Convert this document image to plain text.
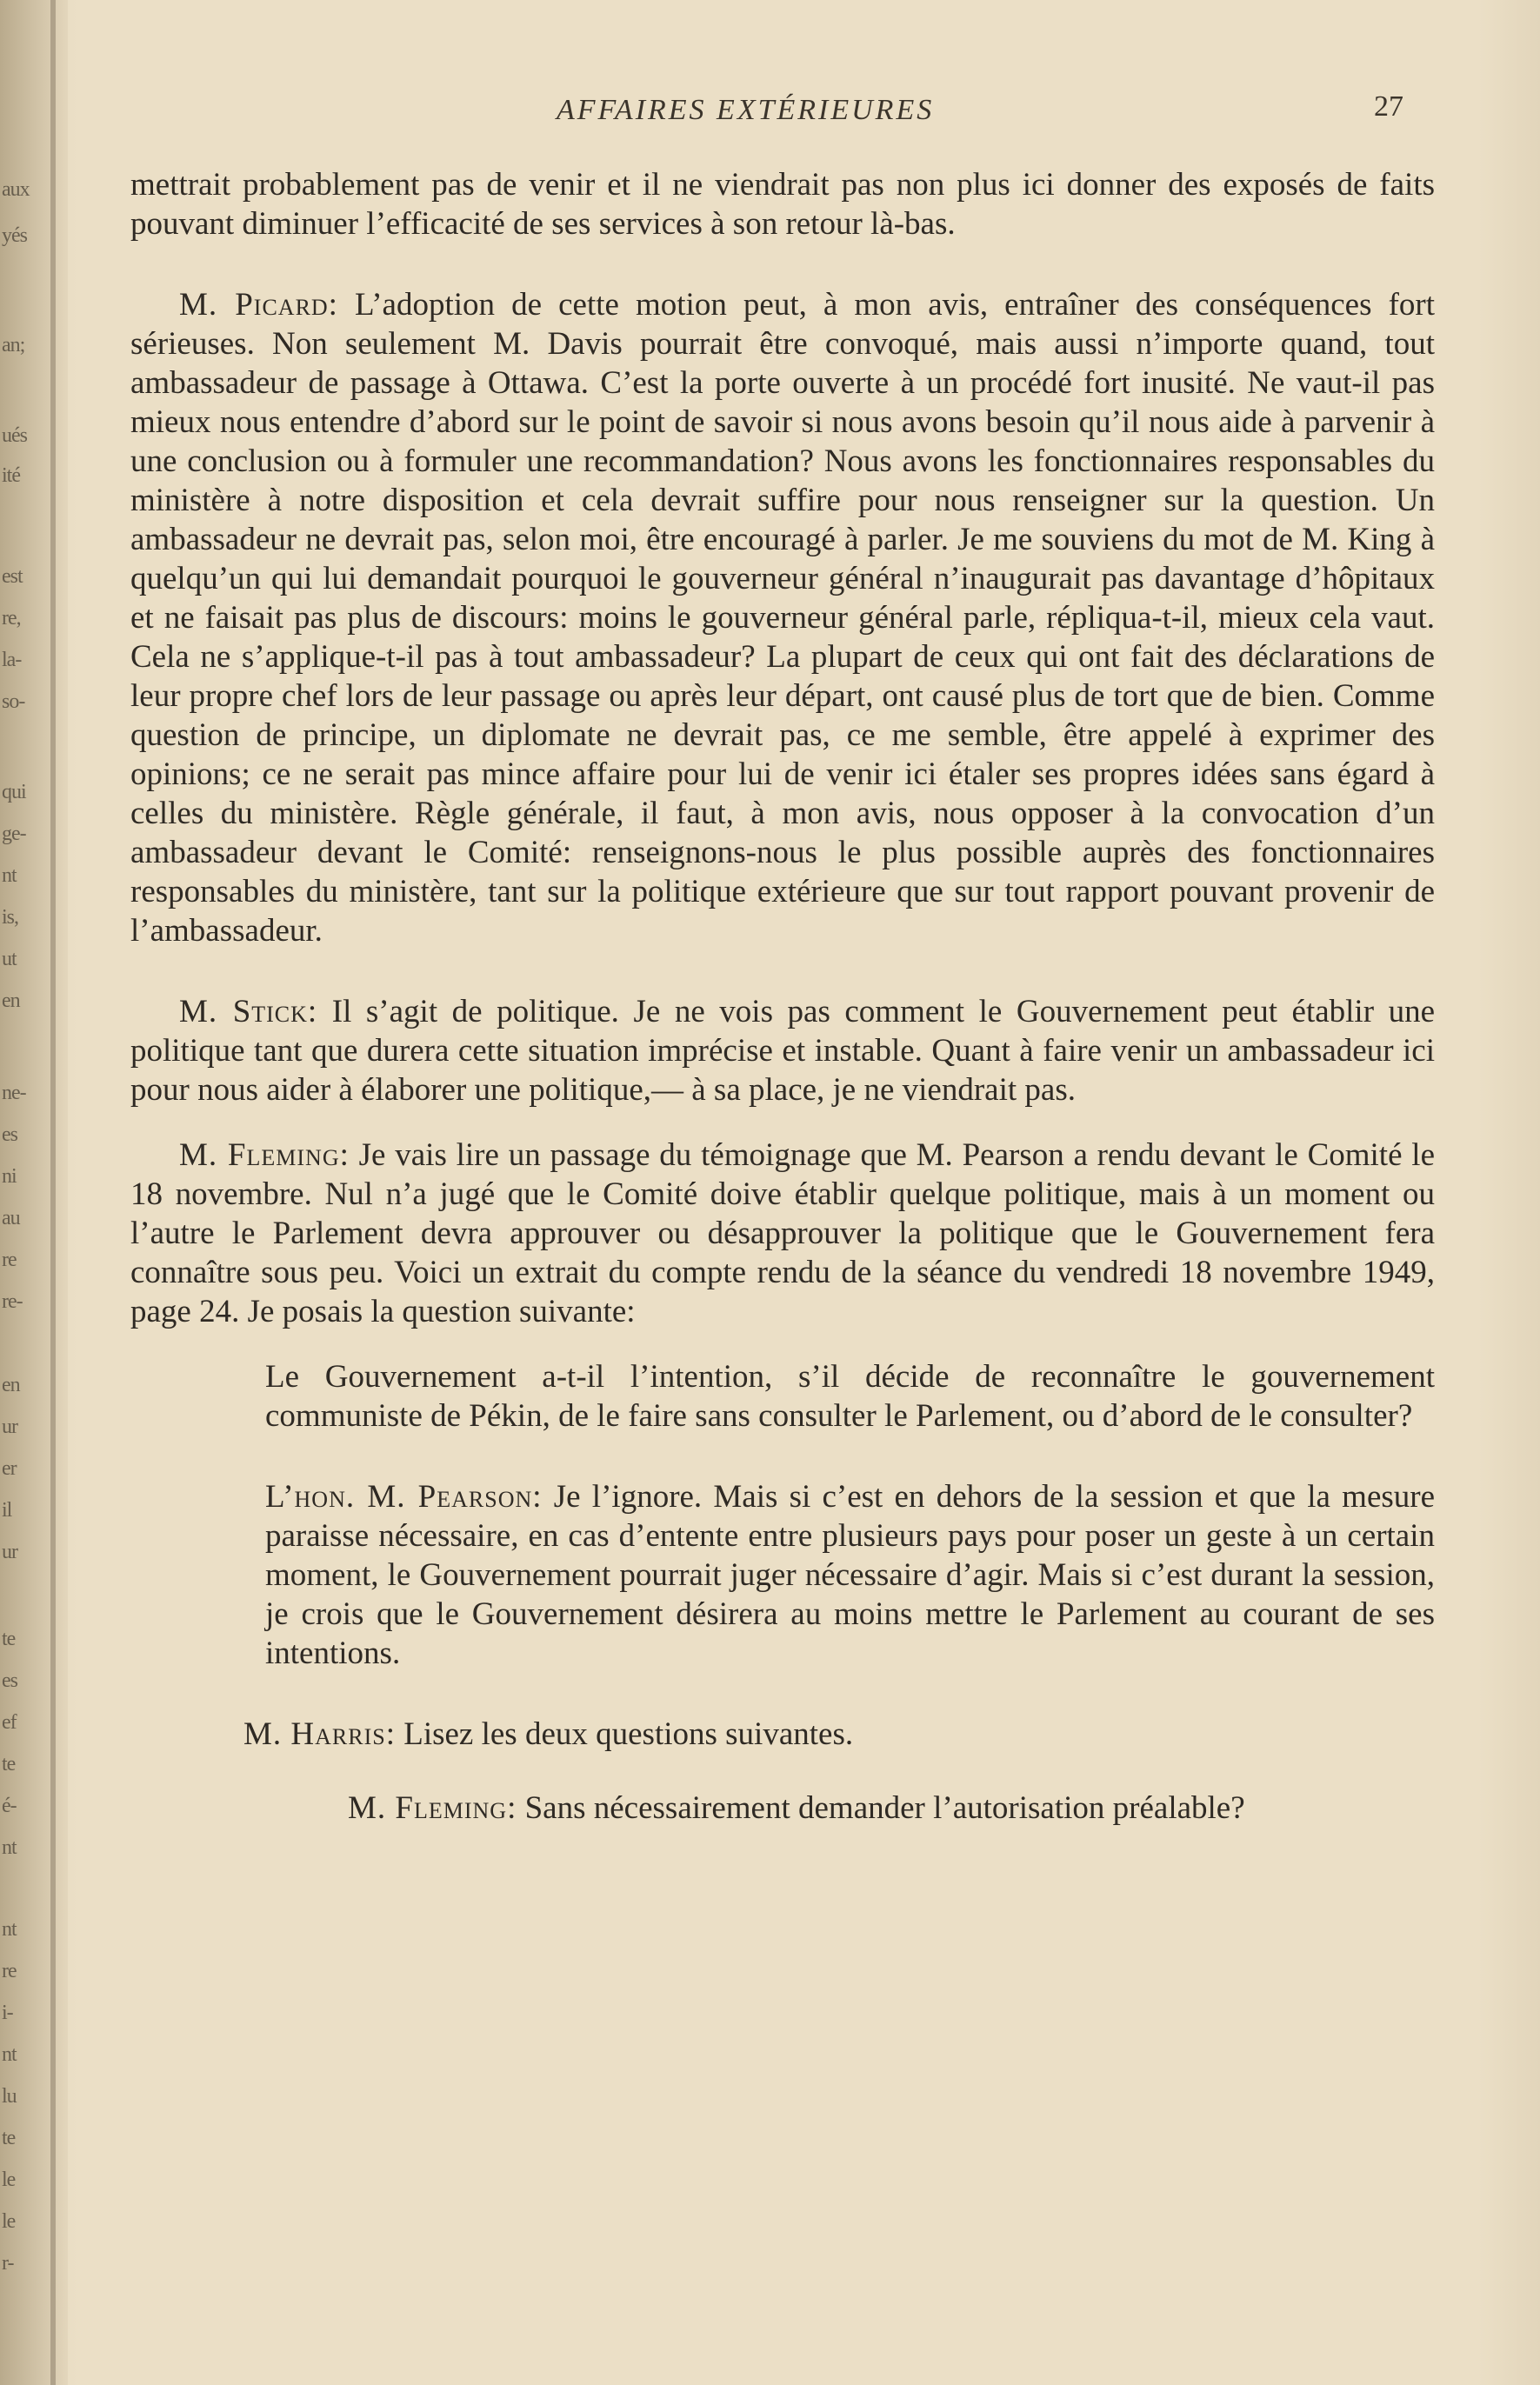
aux
yés
an;
ués
ité
est
re,
la-
so-
qui
ge-
nt
is,
ut
en
ne-
es
ni
au
re
re-
en
ur
er
il
ur
te
es
ef
te
é-
nt
nt
re
i-
nt
lu
te
le
le
r-
AFFAIRES EXTÉRIEURES	27

mettrait probablement pas de venir et il ne viendrait pas non plus ici donner des exposés de faits pouvant diminuer l’efficacité de ses services à son retour là-bas.

M. Picard: L’adoption de cette motion peut, à mon avis, entraîner des conséquences fort sérieuses. Non seulement M. Davis pourrait être convoqué, mais aussi n’importe quand, tout ambassadeur de passage à Ottawa. C’est la porte ouverte à un procédé fort inusité. Ne vaut-il pas mieux nous entendre d’abord sur le point de savoir si nous avons besoin qu’il nous aide à parvenir à une conclusion ou à formuler une recommandation? Nous avons les fonctionnaires responsables du ministère à notre disposition et cela devrait suffire pour nous renseigner sur la question. Un ambassadeur ne devrait pas, selon moi, être encouragé à parler. Je me souviens du mot de M. King à quelqu’un qui lui demandait pourquoi le gouverneur général n’inaugurait pas davantage d’hôpitaux et ne faisait pas plus de discours: moins le gouverneur général parle, répliqua-t-il, mieux cela vaut. Cela ne s’applique-t-il pas à tout ambassadeur? La plupart de ceux qui ont fait des déclarations de leur propre chef lors de leur passage ou après leur départ, ont causé plus de tort que de bien. Comme question de principe, un diplomate ne devrait pas, ce me semble, être appelé à exprimer des opinions; ce ne serait pas mince affaire pour lui de venir ici étaler ses propres idées sans égard à celles du ministère. Règle générale, il faut, à mon avis, nous opposer à la convocation d’un ambassadeur devant le Comité: renseignons-nous le plus possible auprès des fonctionnaires responsables du ministère, tant sur la politique extérieure que sur tout rapport pouvant provenir de l’ambassadeur.

M. Stick: Il s’agit de politique. Je ne vois pas comment le Gouvernement peut établir une politique tant que durera cette situation imprécise et instable. Quant à faire venir un ambassadeur ici pour nous aider à élaborer une politique,— à sa place, je ne viendrait pas.

M. Fleming: Je vais lire un passage du témoignage que M. Pearson a rendu devant le Comité le 18 novembre. Nul n’a jugé que le Comité doive établir quelque politique, mais à un moment ou l’autre le Parlement devra approuver ou désapprouver la politique que le Gouvernement fera connaître sous peu. Voici un extrait du compte rendu de la séance du vendredi 18 novembre 1949, page 24. Je posais la question suivante:

Le Gouvernement a-t-il l’intention, s’il décide de reconnaître le gouvernement communiste de Pékin, de le faire sans consulter le Parlement, ou d’abord de le consulter?

L’hon. M. Pearson: Je l’ignore. Mais si c’est en dehors de la session et que la mesure paraisse nécessaire, en cas d’entente entre plusieurs pays pour poser un geste à un certain moment, le Gouvernement pourrait juger nécessaire d’agir. Mais si c’est durant la session, je crois que le Gouvernement désirera au moins mettre le Parlement au courant de ses intentions.

M. Harris: Lisez les deux questions suivantes.

M. Fleming: Sans nécessairement demander l’autorisation préalable?
